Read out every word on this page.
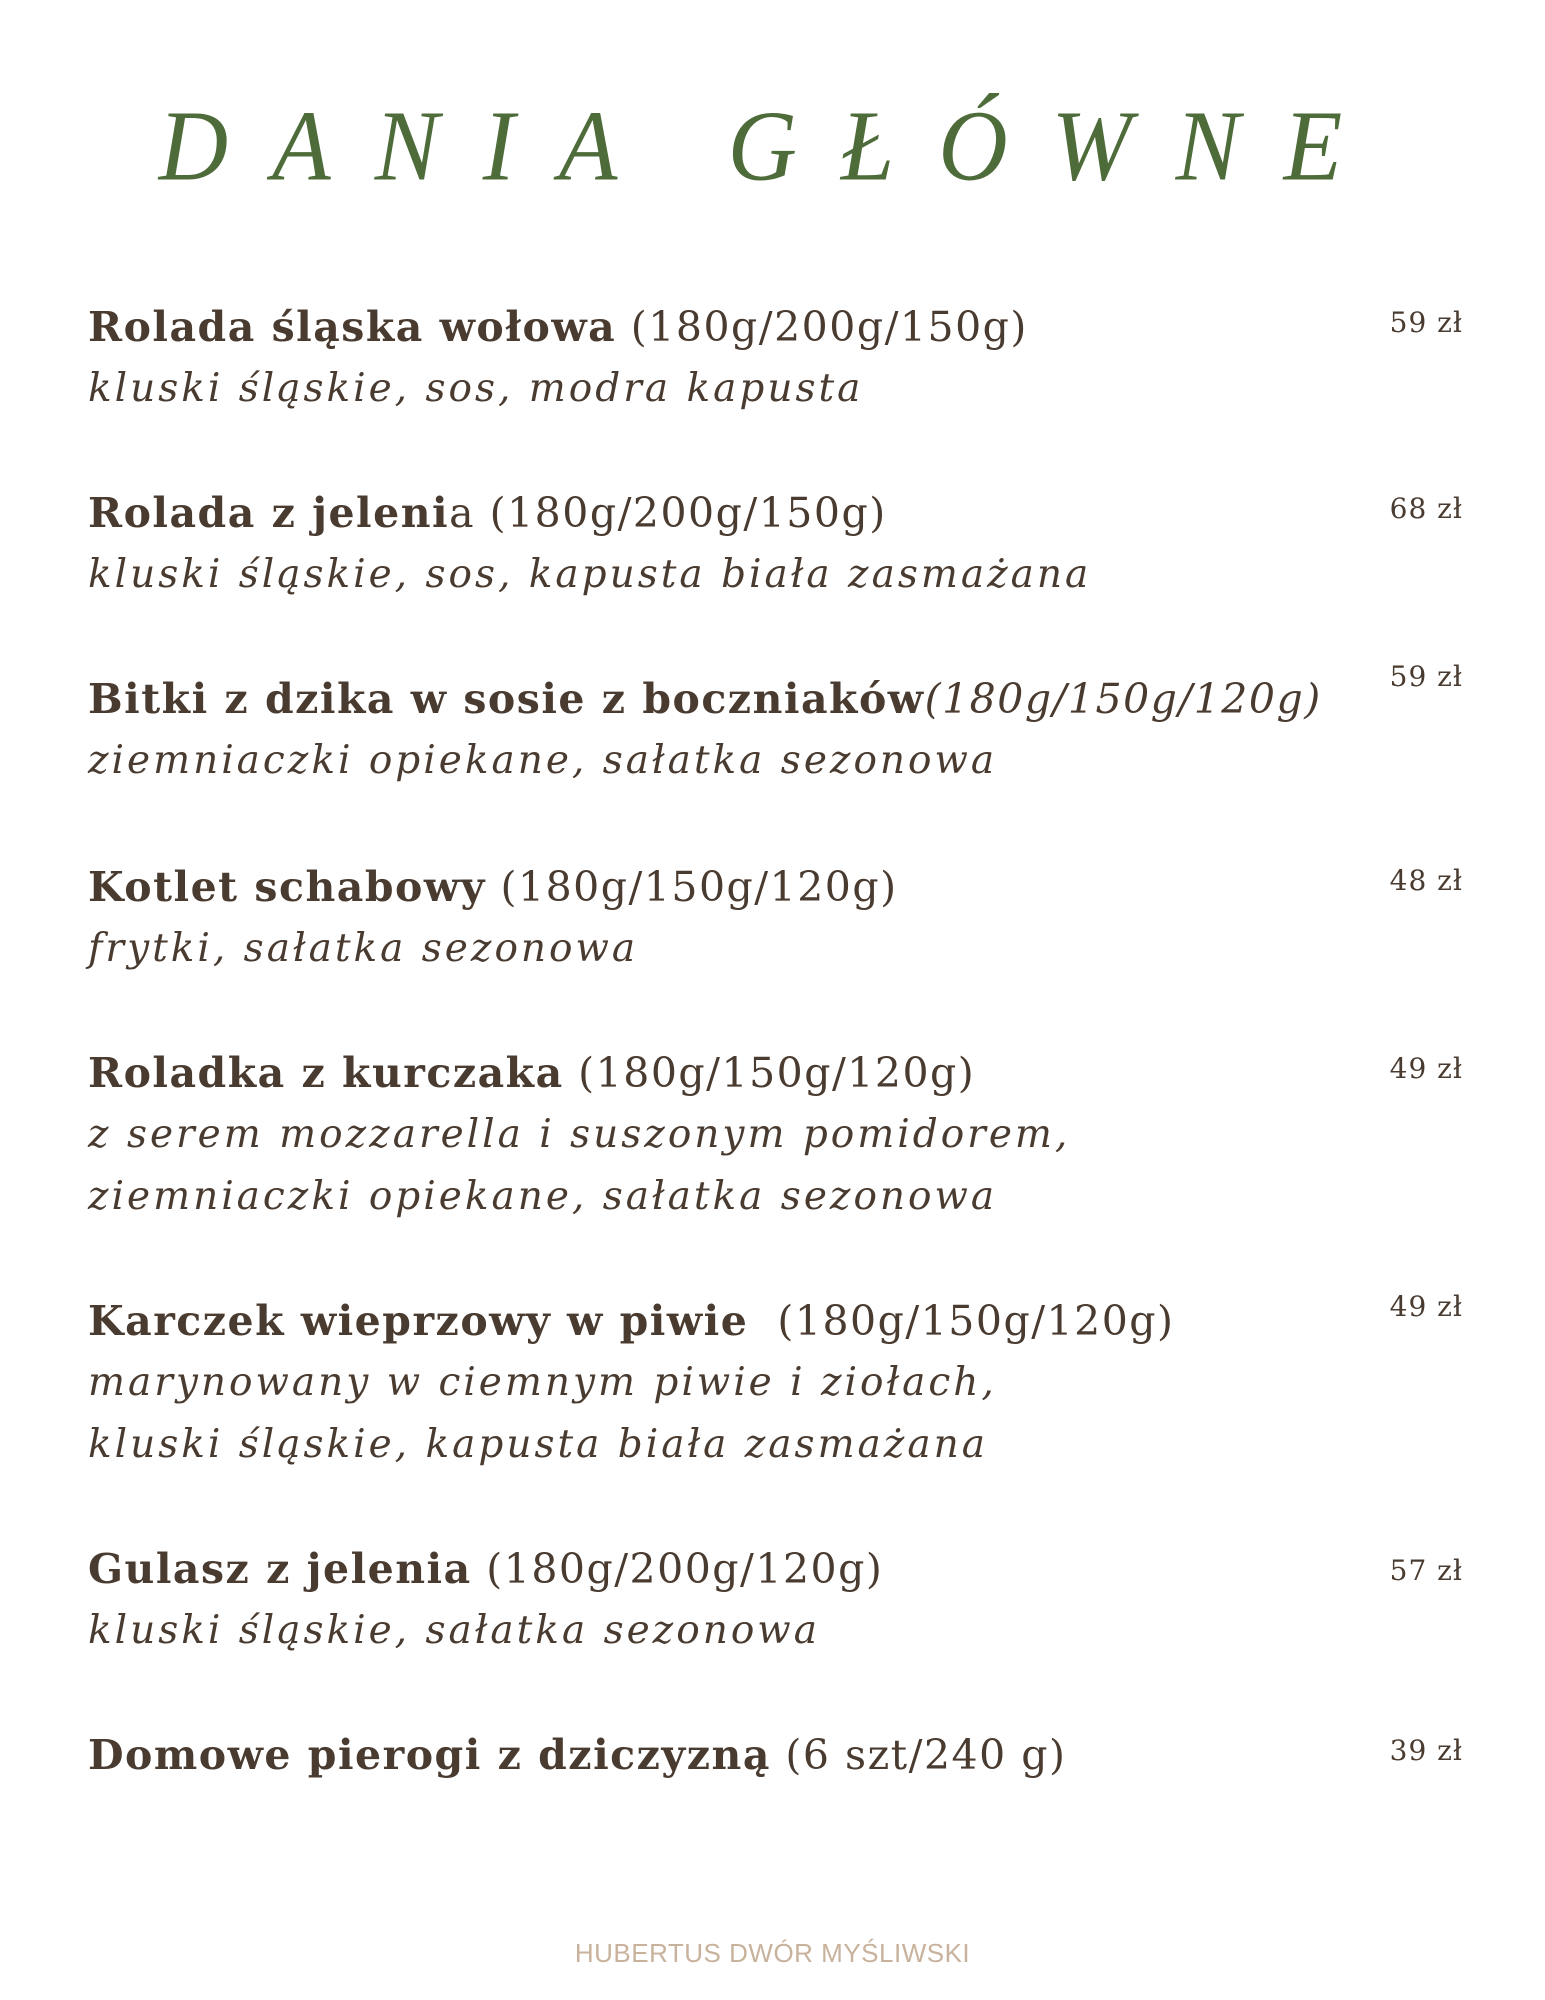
DANIA GŁÓWNE
Rolada śląska wołowa (180g/200g/150g)
kluski śląskie, sos, modra kapusta
59 zł
Rolada z jelenia (180g/200g/150g)
kluski śląskie, sos, kapusta biała zasmażana
68 zł
Bitki z dzika w sosie z boczniaków(180g/150g/120g)
ziemniaczki opiekane, sałatka sezonowa
59 zł
Kotlet schabowy (180g/150g/120g)
frytki, sałatka sezonowa
48 zł
Roladka z kurczaka (180g/150g/120g)
z serem mozzarella i suszonym pomidorem,
ziemniaczki opiekane, sałatka sezonowa
49 zł
Karczek wieprzowy w piwie  (180g/150g/120g)
marynowany w ciemnym piwie i ziołach,
kluski śląskie, kapusta biała zasmażana
49 zł
Gulasz z jelenia (180g/200g/120g)
kluski śląskie, sałatka sezonowa
57 zł
Domowe pierogi z dziczyzną (6 szt/240 g)	39 zł
HUBERTUS DWÓR MYŚLIWSKI
